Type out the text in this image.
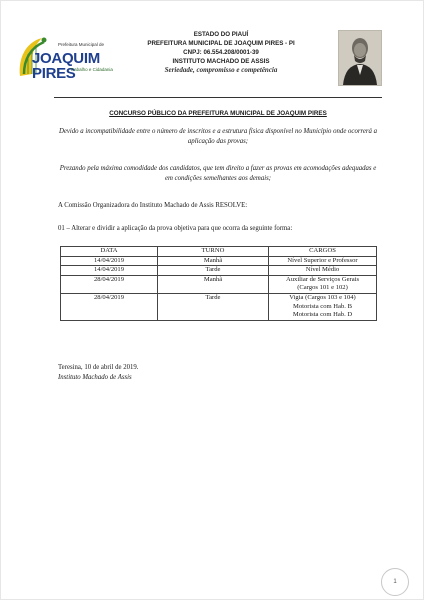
Prefeitura Municipal de
JOAQUIM PIRES
Trabalho e Cidadania
ESTADO DO PIAUÍ
PREFEITURA MUNICIPAL DE JOAQUIM PIRES - PI
CNPJ: 06.554.208/0001-39
INSTITUTO MACHADO DE ASSIS
Seriedade, compromisso e competência
CONCURSO PÚBLICO DA PREFEITURA MUNICIPAL DE JOAQUIM PIRES
Devido a incompatibilidade entre o número de inscritos e a estrutura física disponível no Município onde ocorrerá a aplicação das provas;
Prezando pela máxima comodidade dos candidatos, que tem direito a fazer as provas em acomodações adequadas e em condições semelhantes aos demais;
A Comissão Organizadora do Instituto Machado de Assis RESOLVE:
01 – Alterar e dividir a aplicação da prova objetiva para que ocorra da seguinte forma:
DATA	TURNO	CARGOS
14/04/2019	Manhã	Nível Superior e Professor

14/04/2019	Tarde	Nível Médio

28/04/2019	Manhã	Auxiliar de Serviços Gerais
(Cargos 101 e 102)

28/04/2019	Tarde	Vigia (Cargos 103 e 104)
Motorista com Hab. B
Motorista com Hab. D
Teresina, 10 de abril de 2019.
Instituto Machado de Assis
1
